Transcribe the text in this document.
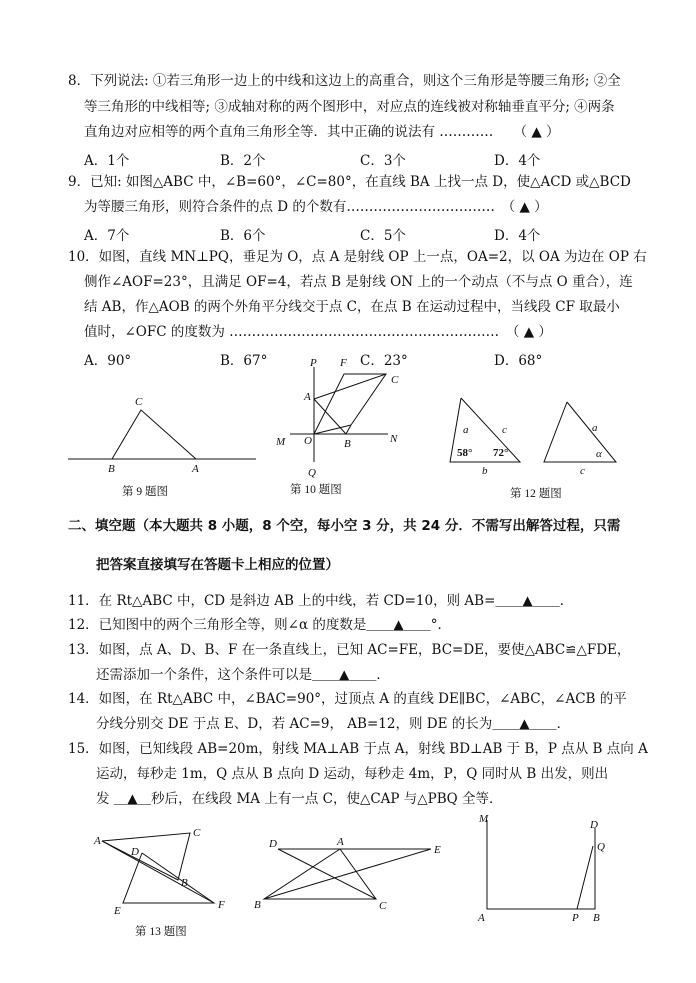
8．下列说法: ①若三角形一边上的中线和这边上的高重合，则这个三角形是等腰三角形; ②全
等三角形的中线相等; ③成轴对称的两个图形中，对应点的连线被对称轴垂直平分; ④两条
直角边对应相等的两个直角三角形全等．其中正确的说法有 …………　　（ ▲ ）
A．1个	B．2个	C．3个	D．4个
9．已知: 如图△ABC 中，∠B=60°，∠C=80°，在直线 BA 上找一点 D，使△ACD 或△BCD
为等腰三角形，则符合条件的点 D 的个数有……………………………　（ ▲ ）
A．7个	B．6个	C．5个	D．4个
10．如图，直线 MN⊥PQ，垂足为 O，点 A 是射线 OP 上一点，OA=2，以 OA 为边在 OP 右
侧作∠AOF=23°，且满足 OF=4，若点 B 是射线 ON 上的一个动点（不与点 O 重合），连
结 AB，作△AOB 的两个外角平分线交于点 C，在点 B 在运动过程中，当线段 CF 取最小
值时，∠OFC 的度数为 ……………………………………………………　（ ▲ ）
A．90°	B．67°	C．23°	D．68°
C
B	A
P F
C
A
M O	B	N
Q
a	c
b
a
c
α
58° 72°
第 9 题图	第 10 题图	第 12 题图
二、填空题（本大题共 8 小题，8 个空，每小空 3 分，共 24 分．不需写出解答过程，只需
把答案直接填写在答题卡上相应的位置）
11．在 Rt△ABC 中，CD 是斜边 AB 上的中线，若 CD=10，则 AB=＿＿▲＿＿．
12．已知图中的两个三角形全等，则∠α 的度数是＿＿▲＿＿°．
13．如图，点 A、D、B、F 在一条直线上，已知 AC=FE，BC=DE，要使△ABC≌△FDE，
还需添加一个条件，这个条件可以是＿＿▲＿＿．
14．如图，在 Rt△ABC 中，∠BAC=90°，过顶点 A 的直线 DE∥BC，∠ABC，∠ACB 的平
分线分别交 DE 于点 E、D，若 AC=9， AB=12，则 DE 的长为＿＿▲＿＿．
15．如图，已知线段 AB=20m，射线 MA⊥AB 于点 A，射线 BD⊥AB 于 B，P 点从 B 点向 A
运动，每秒走 1m，Q 点从 B 点向 D 运动，每秒走 4m，P，Q 同时从 B 出发，则出
发 ＿▲＿秒后，在线段 MA 上有一点 C，使△CAP 与△PBQ 全等．
A
C
D
B
E	F
D	A
E
B	C
M	D
Q
A	P B
第 13 题图
